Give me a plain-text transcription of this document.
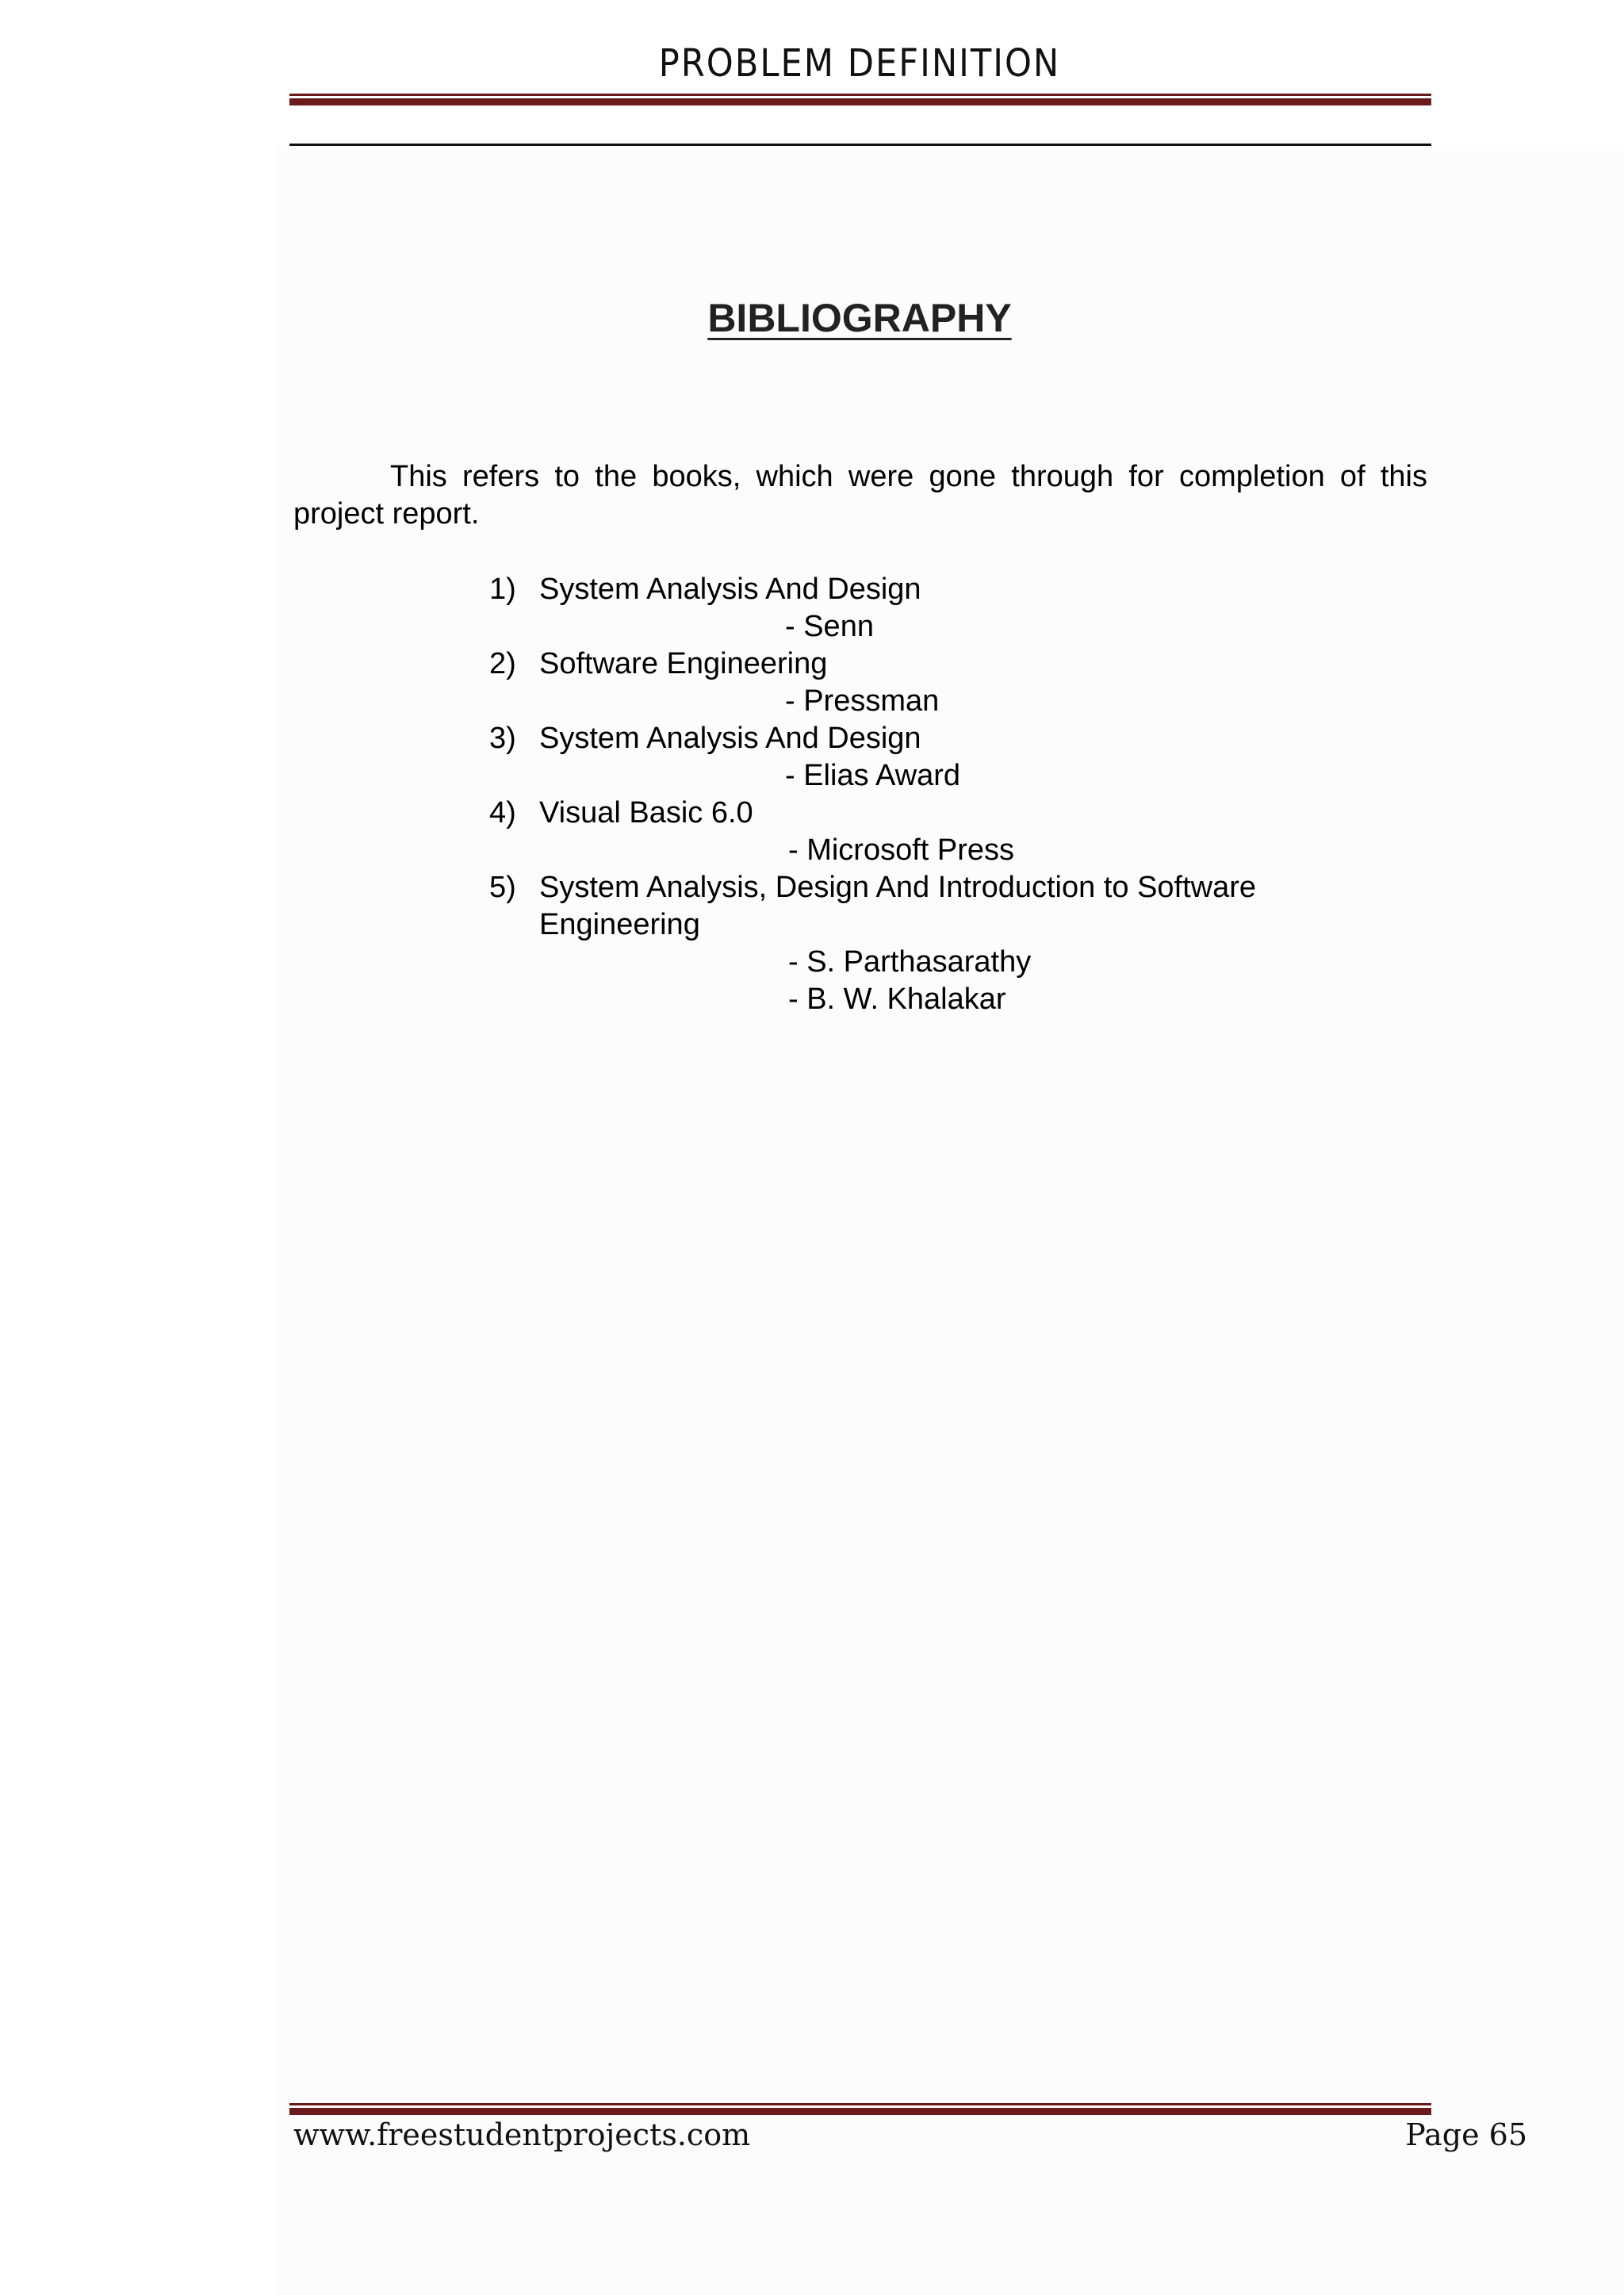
PROBLEM DEFINITION
BIBLIOGRAPHY
This refers to the books, which were gone through for completion of this project report.
1) System Analysis And Design
- Senn
2) Software Engineering
- Pressman
3) System Analysis And Design
- Elias Award
4) Visual Basic 6.0
- Microsoft Press
5) System Analysis, Design And Introduction to Software Engineering
- S. Parthasarathy
- B. W. Khalakar
www.freestudentprojects.com	Page 65
